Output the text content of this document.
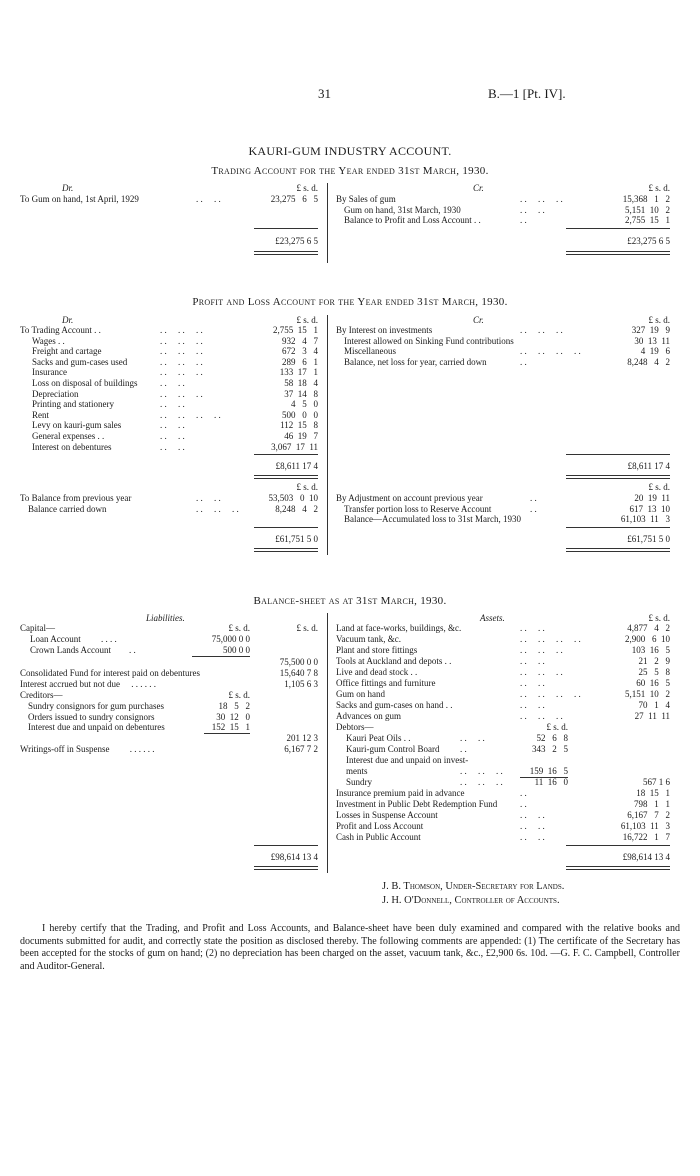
31	B.—1 [Pt. IV].
KAURI-GUM INDUSTRY ACCOUNT.
Trading Account for the Year ended 31st March, 1930.
Dr.	Cr.
£ s. d.	£ s. d.
To Gum on hand, 1st April, 1929	. .     . .	23,275   6   5 By Sales of gum	. .     . .     . .	15,368   1   2
Gum on hand, 31st March, 1930	. .     . .	5,151  10   2
Balance to Profit and Loss Account . .	. .	2,755  15   1
£23,275 6 5	£23,275 6 5
Profit and Loss Account for the Year ended 31st March, 1930.
Dr.	Cr.
£ s. d.	£ s. d.
To Trading Account . .	. .     . .     . .	2,755  15   1
Wages . .	. .     . .     . .	932   4   7
Freight and cartage	. .     . .     . .	672   3   4
Sacks and gum-cases used	. .     . .     . .	289   6   1
Insurance	. .     . .     . .	133  17   1
Loss on disposal of buildings . .     . .	58  18   4
Depreciation	. .     . .     . .	37  14   8
Printing and stationery	. .     . .	4   5   0
Rent	. .     . .     . .     . .	500   0   0
Levy on kauri-gum sales	. .     . .	112  15   8
General expenses . .	. .     . .	46  19   7
Interest on debentures	. .     . .	3,067  17  11
By Interest on investments	. .     . .     . .	327  19   9
Interest allowed on Sinking Fund contributions	30  13  11
Miscellaneous	. .     . .     . .     . .	4  19   6
Balance, net loss for year, carried down	. .	8,248   4   2
£8,611 17 4	£8,611 17 4
£ s. d.	£ s. d.
To Balance from previous year	. .     . .	53,503   0  10
Balance carried down	. .     . .     . .	8,248   4   2
By Adjustment on account previous year	. .	20  19  11
Transfer portion loss to Reserve Account	. .	617  13  10
Balance—Accumulated loss to 31st March, 1930	61,103  11   3
£61,751 5 0	£61,751 5 0
Balance-sheet as at 31st March, 1930.
Liabilities.	Assets.
Capital—	£ s. d.	£ s. d.
Loan Account . . . .	75,000 0 0
Crown Lands Account . .	500 0 0
75,500 0 0
Consolidated Fund for interest paid on debentures	15,640 7 8
Interest accrued but not due . . . . . .	1,105 6 3
Creditors—	£ s. d.
Sundry consignors for gum purchases	18   5   2
Orders issued to sundry consignors	30  12   0
Interest due and unpaid on debentures	152  15   1
201 12 3
Writings-off in Suspense . . . . . .	6,167 7 2
£ s. d.
Land at face-works, buildings, &c.	. .     . .	4,877   4   2
Vacuum tank, &c.	. .     . .     . .     . .	2,900   6  10
Plant and store fittings	. .     . .     . .	103  16   5
Tools at Auckland and depots . .	. .     . .	21   2   9
Live and dead stock . .	. .     . .     . .	25   5   8
Office fittings and furniture	. .     . .	60  16   5
Gum on hand	. .     . .     . .     . .	5,151  10   2
Sacks and gum-cases on hand . .	. .     . .	70   1   4
Advances on gum	. .     . .     . .	27  11  11
Debtors—	£ s. d.
Kauri Peat Oils . .	. .     . .	52   6   8
Kauri-gum Control Board . .	343   2   5
Interest due and unpaid on invest-
ments	. .     . .     . .	159  16   5
Sundry	. .     . .     . .	11  16   0	567 1 6
Insurance premium paid in advance	. .	18  15   1
Investment in Public Debt Redemption Fund	. .	798   1   1
Losses in Suspense Account	. .     . .	6,167   7   2
Profit and Loss Account	. .     . .	61,103  11   3
Cash in Public Account	. .     . .	16,722   1   7
£98,614 13 4	£98,614 13 4
J. B. Thomson, Under-Secretary for Lands.
J. H. O'Donnell, Controller of Accounts.
I hereby certify that the Trading, and Profit and Loss Accounts, and Balance-sheet have been duly examined and compared with the relative books and documents submitted for audit, and correctly state the position as disclosed thereby. The following comments are appended: (1) The certificate of the Secretary has been accepted for the stocks of gum on hand; (2) no depreciation has been charged on the asset, vacuum tank, &c., £2,900 6s. 10d. —G. F. C. Campbell, Controller and Auditor-General.
